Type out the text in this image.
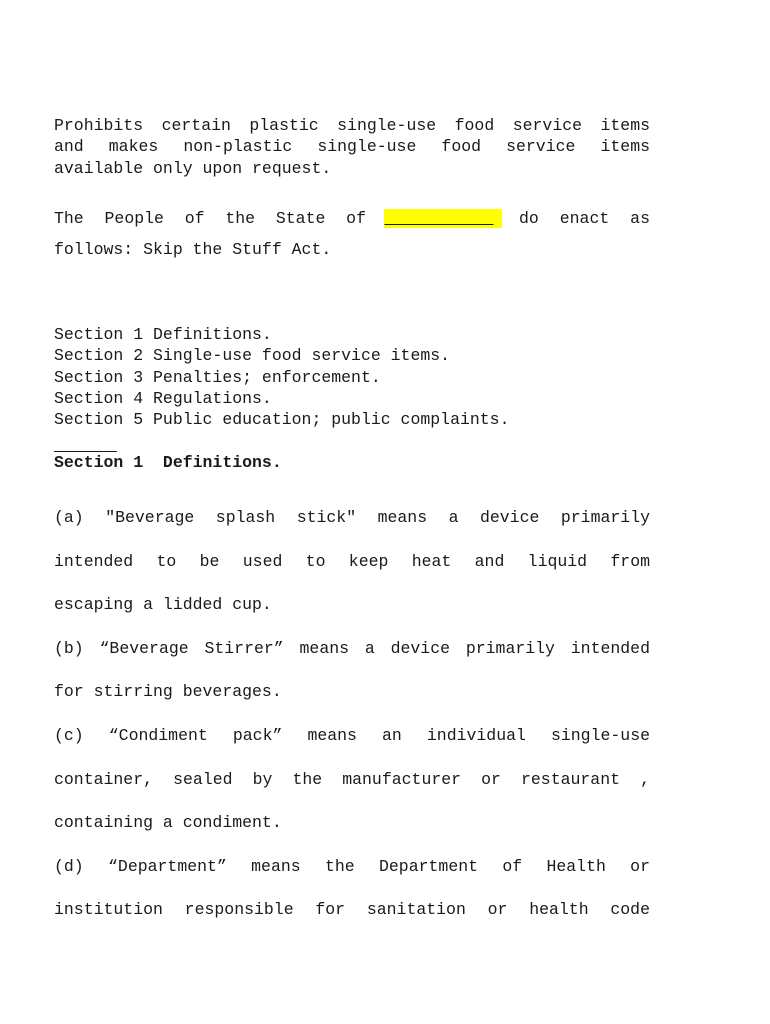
Prohibits certain plastic single-use food service items
and makes non-plastic single-use food service items
available only upon request.
The People of the State of ___________	do enact as
follows: Skip the Stuff Act.
Section 1 Definitions.
Section 2 Single-use food service items.
Section 3 Penalties; enforcement.
Section 4 Regulations.
Section 5 Public education; public complaints.
Section 1  Definitions.
(a) "Beverage splash stick" means a device primarily
intended to be used to keep heat and liquid from
escaping a lidded cup.
(b) “Beverage Stirrer” means a device primarily intended
for stirring beverages.
(c) “Condiment pack” means an individual single-use
container, sealed by the manufacturer or restaurant ,
containing a condiment.
(d) “Department” means the Department of Health or
institution responsible for sanitation or health code
